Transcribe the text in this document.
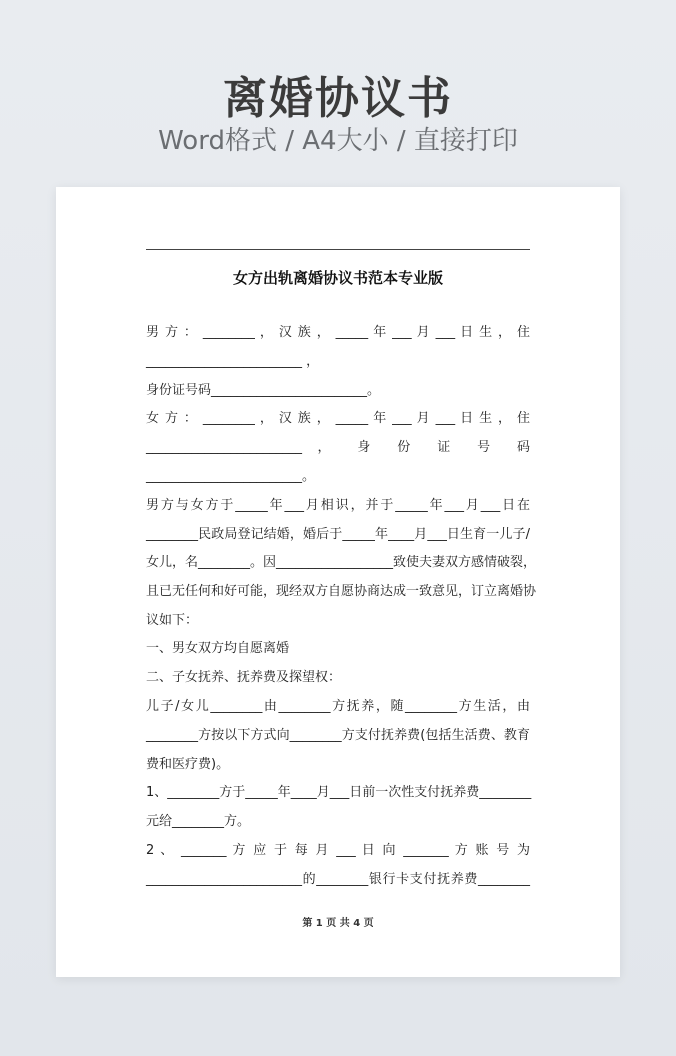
离婚协议书
Word格式 / A4大小 / 直接打印
女方出轨离婚协议书范本专业版
男 方 ： ________ ， 汉 族 ， _____ 年 ___ 月 ___ 日 生 ， 住
________________________ ，
身份证号码________________________。
女 方 ： ________ ， 汉 族 ， _____ 年 ___ 月 ___ 日 生 ， 住
________________________ ， 身 份 证 号 码
________________________。
男方与女方于_____年___月相识，并于_____年___月___日在
________民政局登记结婚，婚后于_____年____月___日生育一儿子/
女儿，名________。因__________________致使夫妻双方感情破裂，
且已无任何和好可能，现经双方自愿协商达成一致意见，订立离婚协
议如下：
一、男女双方均自愿离婚
二、子女抚养、抚养费及探望权：
儿子/女儿________由________方抚养，随________方生活，由
________方按以下方式向________方支付抚养费(包括生活费、教育
费和医疗费)。
1、________方于_____年____月___日前一次性支付抚养费________
元给________方。
2 、 _______ 方 应 于 每 月 ___ 日 向 _______ 方 账 号 为
________________________的________银行卡支付抚养费________
第 1 页 共 4 页
